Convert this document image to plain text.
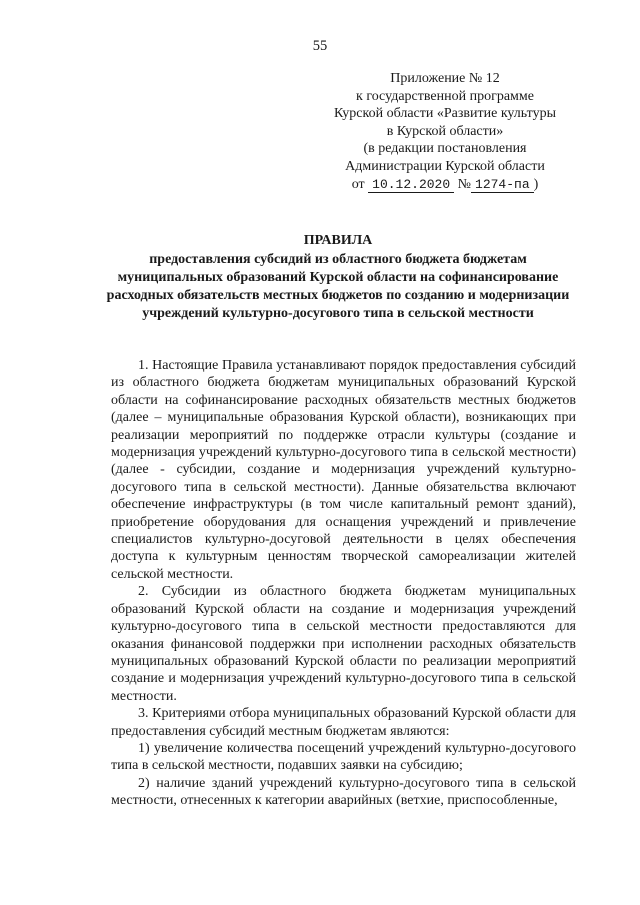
55
Приложение № 12
к государственной программе
Курской области «Развитие культуры
в Курской области»
(в редакции постановления
Администрации Курской области
от 10.12.2020 № 1274-па )
ПРАВИЛА
предоставления субсидий из областного бюджета бюджетам муниципальных образований Курской области на софинансирование расходных обязательств местных бюджетов по созданию и модернизации учреждений культурно-досугового типа в сельской местности

1. Настоящие Правила устанавливают порядок предоставления субсидий из областного бюджета бюджетам муниципальных образований Курской области на софинансирование расходных обязательств местных бюджетов (далее – муниципальные образования Курской области), возникающих при реализации мероприятий по поддержке отрасли культуры (создание и модернизация учреждений культурно-досугового типа в сельской местности) (далее - субсидии, создание и модернизация учреждений культурно-досугового типа в сельской местности). Данные обязательства включают обеспечение инфраструктуры (в том числе капитальный ремонт зданий), приобретение оборудования для оснащения учреждений и привлечение специалистов культурно-досуговой деятельности в целях обеспечения доступа к культурным ценностям творческой самореализации жителей сельской местности.

2. Субсидии из областного бюджета бюджетам муниципальных образований Курской области на создание и модернизация учреждений культурно-досугового типа в сельской местности предоставляются для оказания финансовой поддержки при исполнении расходных обязательств муниципальных образований Курской области по реализации мероприятий создание и модернизация учреждений культурно-досугового типа в сельской местности.

3. Критериями отбора муниципальных образований Курской области для предоставления субсидий местным бюджетам являются:

1) увеличение количества посещений учреждений культурно-досугового типа в сельской местности, подавших заявки на субсидию;

2) наличие зданий учреждений культурно-досугового типа в сельской местности, отнесенных к категории аварийных (ветхие, приспособленные,
